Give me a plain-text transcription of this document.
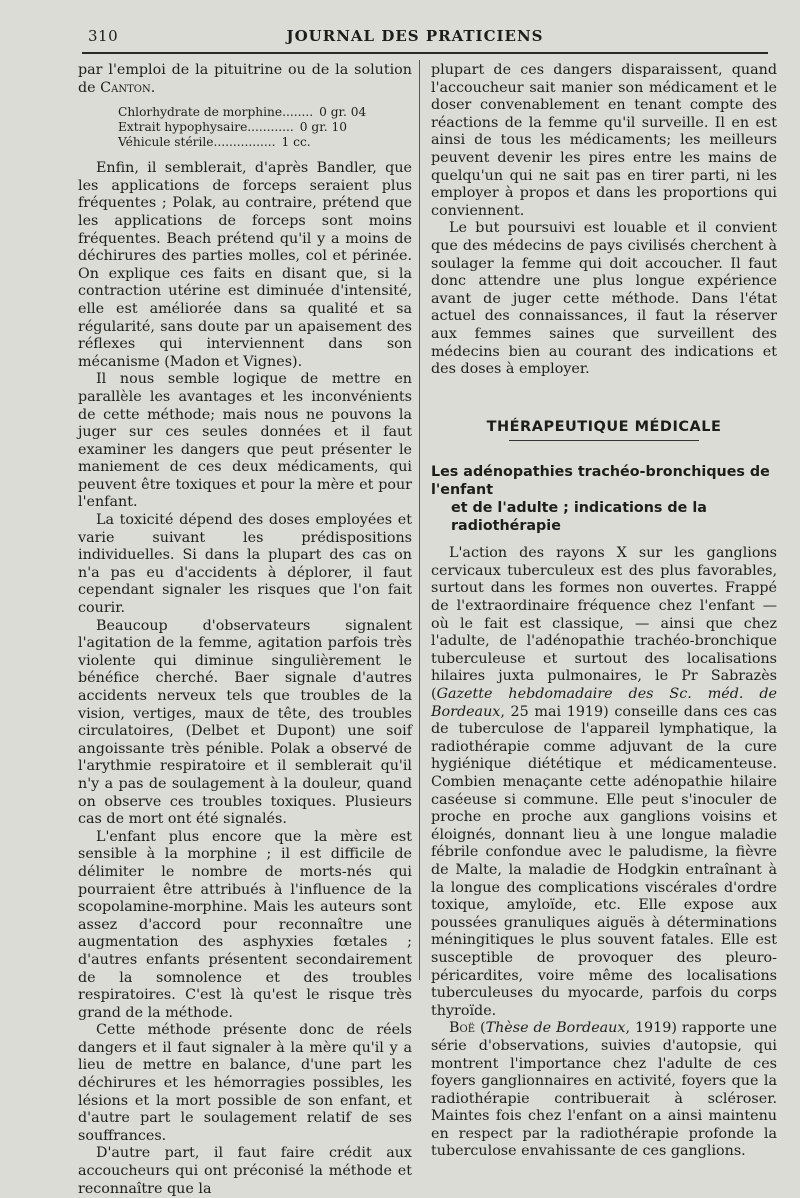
310	JOURNAL DES PRATICIENS

par l'emploi de la pituitrine ou de la solution de Canton.

Chlorhydrate de morphine ........ 0 gr. 04
Extrait hypophysaire ............ 0 gr. 10
Véhicule stérile ................ 1 cc.

Enfin, il semblerait, d'après Bandler, que les applications de forceps seraient plus fréquentes ; Polak, au contraire, prétend que les applications de forceps sont moins fréquentes. Beach prétend qu'il y a moins de déchirures des parties molles, col et périnée. On explique ces faits en disant que, si la contraction utérine est diminuée d'intensité, elle est améliorée dans sa qualité et sa régularité, sans doute par un apaisement des réflexes qui interviennent dans son mécanisme (Madon et Vignes).

Il nous semble logique de mettre en parallèle les avantages et les inconvénients de cette méthode; mais nous ne pouvons la juger sur ces seules données et il faut examiner les dangers que peut présenter le maniement de ces deux médicaments, qui peuvent être toxiques et pour la mère et pour l'enfant.

La toxicité dépend des doses employées et varie suivant les prédispositions individuelles. Si dans la plupart des cas on n'a pas eu d'accidents à déplorer, il faut cependant signaler les risques que l'on fait courir.

Beaucoup d'observateurs signalent l'agitation de la femme, agitation parfois très violente qui diminue singulièrement le bénéfice cherché. Baer signale d'autres accidents nerveux tels que troubles de la vision, vertiges, maux de tête, des troubles circulatoires, (Delbet et Dupont) une soif angoissante très pénible. Polak a observé de l'arythmie respiratoire et il semblerait qu'il n'y a pas de soulagement à la douleur, quand on observe ces troubles toxiques. Plusieurs cas de mort ont été signalés.

L'enfant plus encore que la mère est sensible à la morphine ; il est difficile de délimiter le nombre de morts-nés qui pourraient être attribués à l'influence de la scopolamine-morphine. Mais les auteurs sont assez d'accord pour reconnaître une augmentation des asphyxies fœtales ; d'autres enfants présentent secondairement de la somnolence et des troubles respiratoires. C'est là qu'est le risque très grand de la méthode.

Cette méthode présente donc de réels dangers et il faut signaler à la mère qu'il y a lieu de mettre en balance, d'une part les déchirures et les hémorragies possibles, les lésions et la mort possible de son enfant, et d'autre part le soulagement relatif de ses souffrances.

D'autre part, il faut faire crédit aux accoucheurs qui ont préconisé la méthode et reconnaître que la

plupart de ces dangers disparaissent, quand l'accoucheur sait manier son médicament et le doser convenablement en tenant compte des réactions de la femme qu'il surveille. Il en est ainsi de tous les médicaments; les meilleurs peuvent devenir les pires entre les mains de quelqu'un qui ne sait pas en tirer parti, ni les employer à propos et dans les proportions qui conviennent.

Le but poursuivi est louable et il convient que des médecins de pays civilisés cherchent à soulager la femme qui doit accoucher. Il faut donc attendre une plus longue expérience avant de juger cette méthode. Dans l'état actuel des connaissances, il faut la réserver aux femmes saines que surveillent des médecins bien au courant des indications et des doses à employer.

THÉRAPEUTIQUE MÉDICALE
Les adénopathies trachéo-bronchiques de l'enfant
et de l'adulte ; indications de la radiothérapie

L'action des rayons X sur les ganglions cervicaux tuberculeux est des plus favorables, surtout dans les formes non ouvertes. Frappé de l'extraordinaire fréquence chez l'enfant — où le fait est classique, — ainsi que chez l'adulte, de l'adénopathie trachéo-bronchique tuberculeuse et surtout des localisations hilaires juxta pulmonaires, le Pr Sabrazès (Gazette hebdomadaire des Sc. méd. de Bordeaux, 25 mai 1919) conseille dans ces cas de tuberculose de l'appareil lymphatique, la radiothérapie comme adjuvant de la cure hygiénique diététique et médicamenteuse. Combien menaçante cette adénopathie hilaire caséeuse si commune. Elle peut s'inoculer de proche en proche aux ganglions voisins et éloignés, donnant lieu à une longue maladie fébrile confondue avec le paludisme, la fièvre de Malte, la maladie de Hodgkin entraînant à la longue des complications viscérales d'ordre toxique, amyloïde, etc. Elle expose aux poussées granuliques aiguës à déterminations méningitiques le plus souvent fatales. Elle est susceptible de provoquer des pleuro-péricardites, voire même des localisations tuberculeuses du myocarde, parfois du corps thyroïde.

Boë (Thèse de Bordeaux, 1919) rapporte une série d'observations, suivies d'autopsie, qui montrent l'importance chez l'adulte de ces foyers ganglionnaires en activité, foyers que la radiothérapie contribuerait à scléroser. Maintes fois chez l'enfant on a ainsi maintenu en respect par la radiothérapie profonde la tuberculose envahissante de ces ganglions.
